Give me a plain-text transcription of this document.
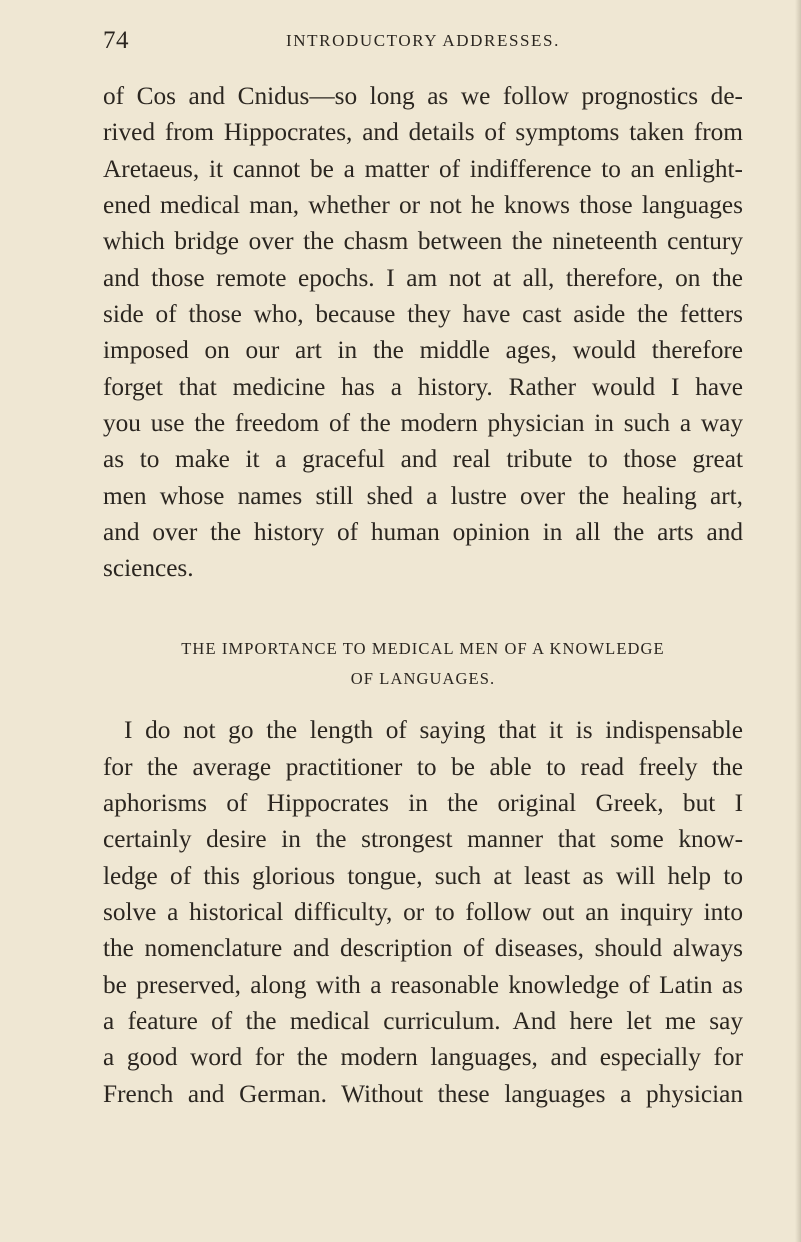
74	INTRODUCTORY ADDRESSES.
of Cos and Cnidus—so long as we follow prognostics de-
rived from Hippocrates, and details of symptoms taken from
Aretaeus, it cannot be a matter of indifference to an enlight-
ened medical man, whether or not he knows those languages
which bridge over the chasm between the nineteenth century
and those remote epochs. I am not at all, therefore, on the
side of those who, because they have cast aside the fetters
imposed on our art in the middle ages, would therefore
forget that medicine has a history. Rather would I have
you use the freedom of the modern physician in such a way
as to make it a graceful and real tribute to those great
men whose names still shed a lustre over the healing art,
and over the history of human opinion in all the arts and
sciences.
THE IMPORTANCE TO MEDICAL MEN OF A KNOWLEDGE
OF LANGUAGES.
I do not go the length of saying that it is indispensable
for the average practitioner to be able to read freely the
aphorisms of Hippocrates in the original Greek, but I
certainly desire in the strongest manner that some know-
ledge of this glorious tongue, such at least as will help to
solve a historical difficulty, or to follow out an inquiry into
the nomenclature and description of diseases, should always
be preserved, along with a reasonable knowledge of Latin as
a feature of the medical curriculum. And here let me say
a good word for the modern languages, and especially for
French and German. Without these languages a physician
